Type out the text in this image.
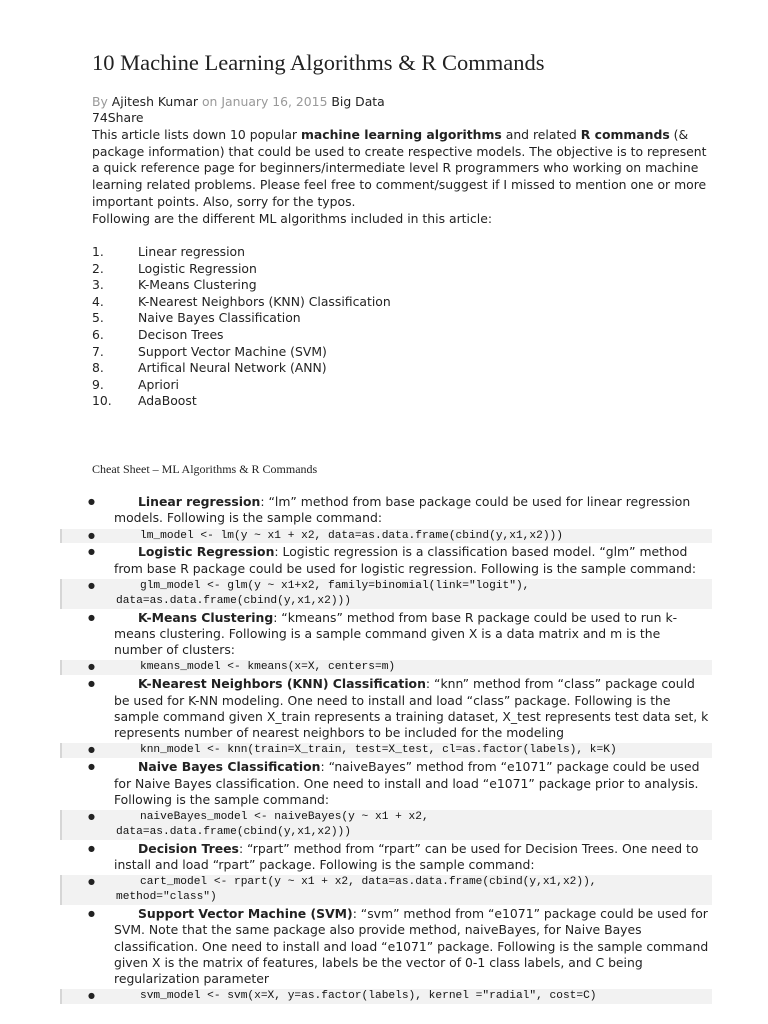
10 Machine Learning Algorithms & R Commands
By Ajitesh Kumar on January 16, 2015 Big Data
74Share

This article lists down 10 popular machine learning algorithms and related R commands (& package information) that could be used to create respective models. The objective is to represent a quick reference page for beginners/intermediate level R programmers who working on machine learning related problems. Please feel free to comment/suggest if I missed to mention one or more important points. Also, sorry for the typos.

Following are the different ML algorithms included in this article:

1.	Linear regression
2.	Logistic Regression
3.	K-Means Clustering
4.	K-Nearest Neighbors (KNN) Classification
5.	Naive Bayes Classification
6.	Decison Trees
7.	Support Vector Machine (SVM)
8.	Artifical Neural Network (ANN)
9.	Apriori
10. AdaBoost
Cheat Sheet – ML Algorithms & R Commands

● Linear regression: “lm” method from base package could be used for linear regression models. Following is the sample command:

● lm_model <- lm(y ~ x1 + x2, data=as.data.frame(cbind(y,x1,x2)))

● Logistic Regression: Logistic regression is a classification based model. “glm” method from base R package could be used for logistic regression. Following is the sample command:

● glm_model <- glm(y ~ x1+x2, family=binomial(link="logit"),
data=as.data.frame(cbind(y,x1,x2)))

● K-Means Clustering: “kmeans” method from base R package could be used to run k-means clustering. Following is a sample command given X is a data matrix and m is the number of clusters:

● kmeans_model <- kmeans(x=X, centers=m)

● K-Nearest Neighbors (KNN) Classification: “knn” method from “class” package could be used for K-NN modeling. One need to install and load “class” package. Following is the sample command given X_train represents a training dataset, X_test represents test data set, k represents number of nearest neighbors to be included for the modeling

● knn_model <- knn(train=X_train, test=X_test, cl=as.factor(labels), k=K)

● Naive Bayes Classification: “naiveBayes” method from “e1071” package could be used for Naive Bayes classification. One need to install and load “e1071” package prior to analysis. Following is the sample command:

● naiveBayes_model <- naiveBayes(y ~ x1 + x2,
data=as.data.frame(cbind(y,x1,x2)))

● Decision Trees: “rpart” method from “rpart” can be used for Decision Trees. One need to install and load “rpart” package. Following is the sample command:

● cart_model <- rpart(y ~ x1 + x2, data=as.data.frame(cbind(y,x1,x2)),
method="class")

● Support Vector Machine (SVM): “svm” method from “e1071” package could be used for SVM. Note that the same package also provide method, naiveBayes, for Naive Bayes classification. One need to install and load “e1071” package. Following is the sample command given X is the matrix of features, labels be the vector of 0-1 class labels, and C being regularization parameter

● svm_model <- svm(x=X, y=as.factor(labels), kernel ="radial", cost=C)
